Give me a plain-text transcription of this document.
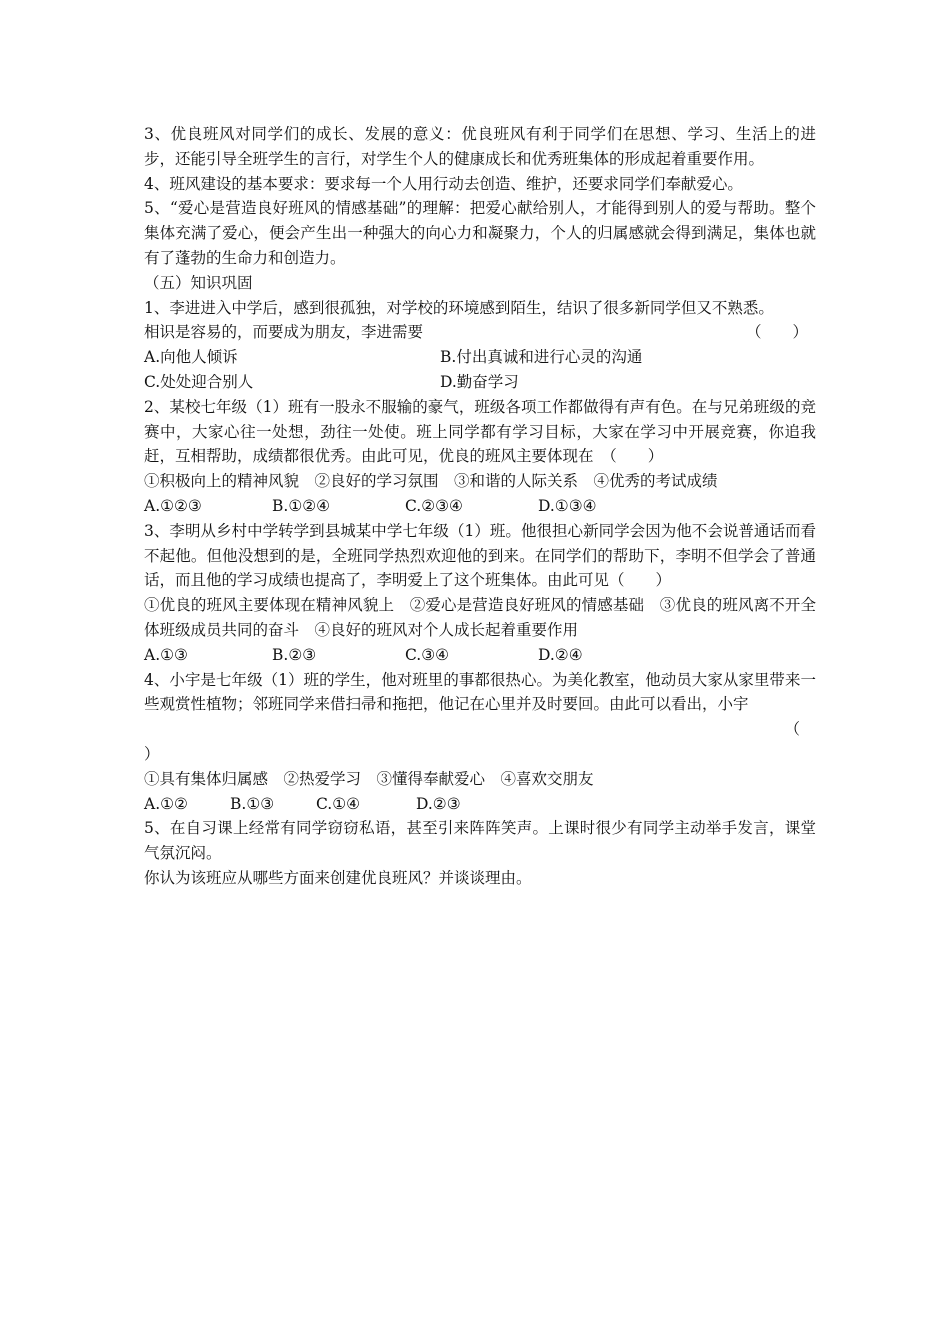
3、优良班风对同学们的成长、发展的意义：优良班风有利于同学们在思想、学习、生活上的进步，还能引导全班学生的言行，对学生个人的健康成长和优秀班集体的形成起着重要作用。

4、班风建设的基本要求：要求每一个人用行动去创造、维护，还要求同学们奉献爱心。

5、“爱心是营造良好班风的情感基础”的理解：把爱心献给别人，才能得到别人的爱与帮助。整个集体充满了爱心，便会产生出一种强大的向心力和凝聚力，个人的归属感就会得到满足，集体也就有了蓬勃的生命力和创造力。

（五）知识巩固

1、李进进入中学后，感到很孤独，对学校的环境感到陌生，结识了很多新同学但又不熟悉。

相识是容易的，而要成为朋友，李进需要	（　　）
A.向他人倾诉	B.付出真诚和进行心灵的沟通
C.处处迎合别人	D.勤奋学习

2、某校七年级（1）班有一股永不服输的豪气，班级各项工作都做得有声有色。在与兄弟班级的竞赛中，大家心往一处想，劲往一处使。班上同学都有学习目标，大家在学习中开展竞赛，你追我赶，互相帮助，成绩都很优秀。由此可见，优良的班风主要体现在　（　　）

①积极向上的精神风貌　②良好的学习氛围　③和谐的人际关系　④优秀的考试成绩

A.①②③	B.①②④	C.②③④	D.①③④

3、李明从乡村中学转学到县城某中学七年级（1）班。他很担心新同学会因为他不会说普通话而看不起他。但他没想到的是，全班同学热烈欢迎他的到来。在同学们的帮助下，李明不但学会了普通话，而且他的学习成绩也提高了，李明爱上了这个班集体。由此可见（　　）

①优良的班风主要体现在精神风貌上　②爱心是营造良好班风的情感基础　③优良的班风离不开全体班级成员共同的奋斗　④良好的班风对个人成长起着重要作用

A.①③	B.②③	C.③④	D.②④

4、小宇是七年级（1）班的学生，他对班里的事都很热心。为美化教室，他动员大家从家里带来一些观赏性植物；邻班同学来借扫帚和拖把，他记在心里并及时要回。由此可以看出，小宇

（

）

①具有集体归属感　②热爱学习　③懂得奉献爱心　④喜欢交朋友

A.①②	B.①③	C.①④	D.②③

5、在自习课上经常有同学窃窃私语，甚至引来阵阵笑声。上课时很少有同学主动举手发言，课堂气氛沉闷。

你认为该班应从哪些方面来创建优良班风？并谈谈理由。
